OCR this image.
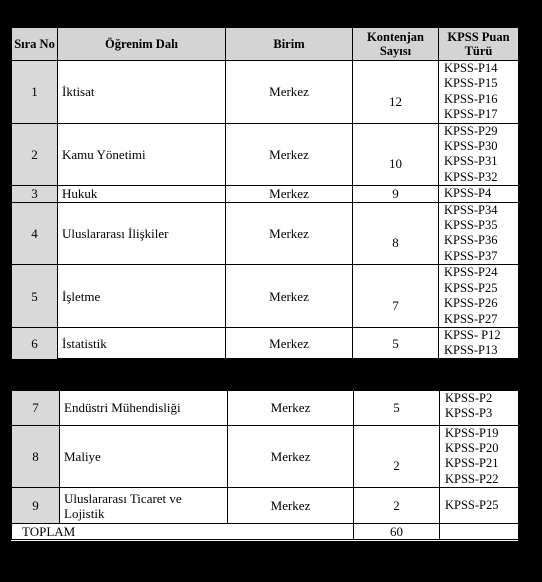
Sıra No	Öğrenim Dalı	Birim	Kontenjan Sayısı	KPSS Puan Türü
1	İktisat	Merkez	12	KPSS-P14
KPSS-P15
KPSS-P16
KPSS-P17

2	Kamu Yönetimi	Merkez	10	KPSS-P29
KPSS-P30
KPSS-P31
KPSS-P32

3	Hukuk	Merkez	9	KPSS-P4

4	Uluslararası İlişkiler	Merkez	8	KPSS-P34
KPSS-P35
KPSS-P36
KPSS-P37

5	İşletme	Merkez	7	KPSS-P24
KPSS-P25
KPSS-P26
KPSS-P27

6	İstatistik	Merkez	5	KPSS- P12
KPSS-P13
7	Endüstri Mühendisliği	Merkez	5	KPSS-P2
KPSS-P3

8	Maliye	Merkez	2	KPSS-P19
KPSS-P20
KPSS-P21
KPSS-P22

9	Uluslararası Ticaret ve Lojistik	Merkez	2	KPSS-P25

TOPLAM			60	
